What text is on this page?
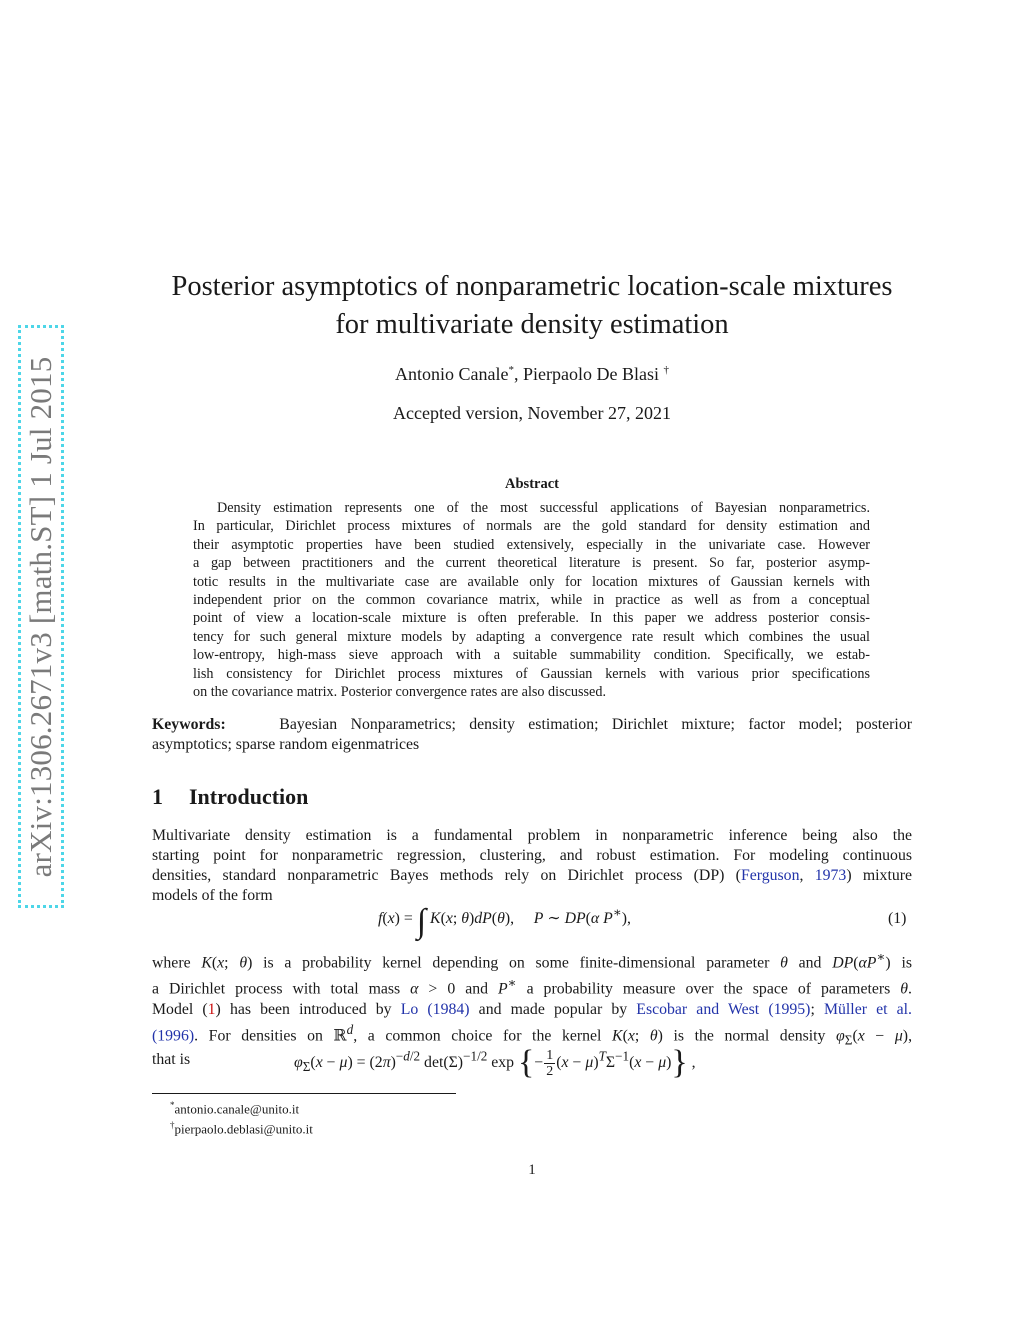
arXiv:1306.2671v3 [math.ST] 1 Jul 2015
Posterior asymptotics of nonparametric location-scale mixtures
for multivariate density estimation
Antonio Canale*, Pierpaolo De Blasi †
Accepted version, November 27, 2021
Abstract
Density estimation represents one of the most successful applications of Bayesian nonparametrics.
In particular, Dirichlet process mixtures of normals are the gold standard for density estimation and
their asymptotic properties have been studied extensively, especially in the univariate case. However
a gap between practitioners and the current theoretical literature is present. So far, posterior asymp-
totic results in the multivariate case are available only for location mixtures of Gaussian kernels with
independent prior on the common covariance matrix, while in practice as well as from a conceptual
point of view a location-scale mixture is often preferable. In this paper we address posterior consis-
tency for such general mixture models by adapting a convergence rate result which combines the usual
low-entropy, high-mass sieve approach with a suitable summability condition. Specifically, we estab-
lish consistency for Dirichlet process mixtures of Gaussian kernels with various prior specifications
on the covariance matrix. Posterior convergence rates are also discussed.
Keywords:	Bayesian Nonparametrics; density estimation; Dirichlet mixture; factor model; posterior
asymptotics; sparse random eigenmatrices
1 Introduction
Multivariate density estimation is a fundamental problem in nonparametric inference being also the
starting point for nonparametric regression, clustering, and robust estimation. For modeling continuous
densities, standard nonparametric Bayes methods rely on Dirichlet process (DP) (Ferguson, 1973) mixture
models of the form
f(x) = ∫ K(x; θ)dP(θ),     P ∼ DP(α P∗),	(1)
where K(x; θ) is a probability kernel depending on some finite-dimensional parameter θ and DP(αP∗) is
a Dirichlet process with total mass α > 0 and P∗ a probability measure over the space of parameters θ.
Model (1) has been introduced by Lo (1984) and made popular by Escobar and West (1995); Müller et al.
(1996). For densities on ℝ$^d$, a common choice for the kernel K(x; θ) is the normal density $\varphi_\Sigma(x - \mu)$,
that is	$\varphi_\Sigma(x - \mu) = (2\pi)^{-d/2}$ $\det(\Sigma)^{-1/2}$ exp {− $\frac{1}{2} (x - \mu)^T\Sigma^{-1}(x - \mu)$} ,
*antonio.canale@unito.it
†pierpaolo.deblasi@unito.it
1
